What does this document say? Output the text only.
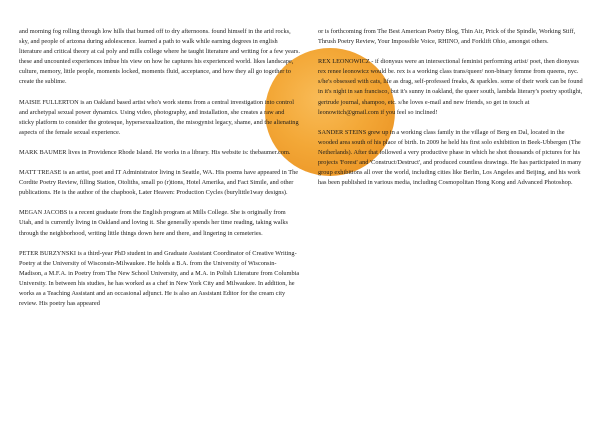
and morning fog rolling through low hills that burned off to dry afternoons. found himself in the arid rocks, sky, and people of arizona during adolescence. learned a path to walk while earning degrees in english literature and critical theory at cal poly and mills college where he taught literature and writing for a few years. these and uncounted experiences imbue his view on how he captures his experienced world. likes landscape, culture, memory, little people, moments locked, moments fluid, acceptance, and how they all go together to create the sublime.

MAISIE FULLERTON is an Oakland based artist who's work stems from a central investigation into control and archetypal sexual power dynamics. Using video, photography, and installation, she creates a raw and sticky platform to consider the grotesque, hypersexualization, the misogynist legacy, shame, and the alienating aspects of the female sexual experience.

MARK BAUMER lives in Providence Rhode Island. He works in a library. His website is: thebaumer.com.

MATT TREASE is an artist, poet and IT Administrator living in Seattle, WA. His poems have appeared in The Cordite Poetry Review, filling Station, Otoliths, small po (r)tions, Hotel Amerika, and Fact Simile, and other publications. He is the author of the chapbook, Later Heaven: Production Cycles (burylittle1way designs).

MEGAN JACOBS is a recent graduate from the English program at Mills College. She is originally from Utah, and is currently living in Oakland and loving it. She generally spends her time reading, taking walks through the neighborhood, writing little things down here and there, and lingering in cemeteries.

PETER BURZYNSKI is a third-year PhD student in and Graduate Assistant Coordinator of Creative Writing-Poetry at the University of Wisconsin-Milwaukee. He holds a B.A. from the University of Wisconsin-Madison, a M.F.A. in Poetry from The New School University, and a M.A. in Polish Literature from Columbia University. In between his studies, he has worked as a chef in New York City and Milwaukee. In addition, he works as a Teaching Assistant and an occasional adjunct. He is also an Assistant Editor for the cream city review. His poetry has appeared

or is forthcoming from The Best American Poetry Blog, Thin Air, Prick of the Spindle, Working Stiff, Thrush Poetry Review, Your Impossible Voice, RHINO, and Forklift Ohio, amongst others.

REX LEONOWICZ - if dionysus were an intersectional feminist performing artist/ poet, then dionysus rex renee leonowicz would be. rex is a working class trans/queer/ non-binary femme from queens, nyc. s/he's obsessed with cats, life as drag, self-professed freaks, & sparkles. some of their work can be found in it's night in san francisco, but it's sunny in oakland, the queer south, lambda literary's poetry spotlight, gertrude journal, shampoo, etc. s/he loves e-mail and new friends, so get in touch at leonowitch@gmail.com if you feel so inclined!

SANDER STEINS grew up in a working class family in the village of Berg en Dal, located in the wooded area south of his place of birth. In 2009 he held his first solo exhibition in Beek-Ubbergen (The Netherlands). After that followed a very productive phase in which he shot thousands of pictures for his projects 'Forest' and 'Construct/Destruct', and produced countless drawings. He has participated in many group exhibitions all over the world, including cities like Berlin, Los Angeles and Beijing, and his work has been published in various media, including Cosmopolitan Hong Kong and Advanced Photoshop.
